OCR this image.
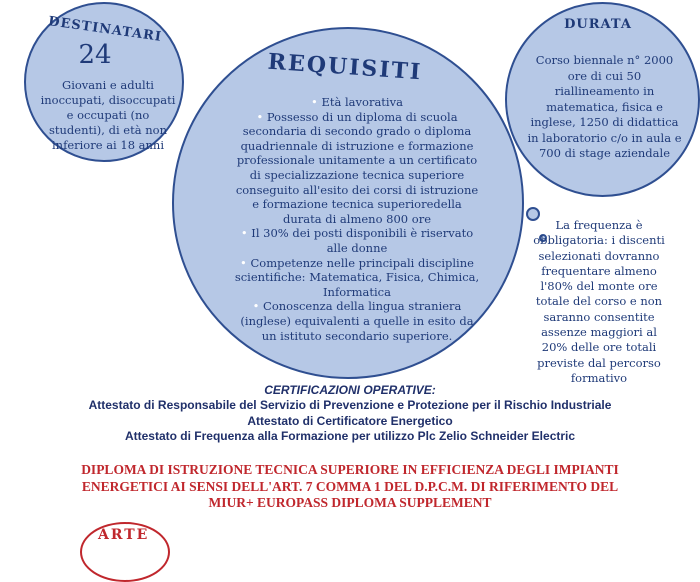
DESTINATARI
24
Giovani e adulti inoccupati, disoccupati e occupati (no studenti), di età non inferiore ai 18 anni
REQUISITI
• Età lavorativa
• Possesso di un diploma di scuola secondaria di secondo grado o diploma quadriennale di istruzione e formazione professionale unitamente a un certificato di specializzazione tecnica superiore conseguito all'esito dei corsi di istruzione e formazione tecnica superioredella durata di almeno 800 ore
• Il 30% dei posti disponibili è riservato alle donne
• Competenze nelle principali discipline scientifiche: Matematica, Fisica, Chimica, Informatica
• Conoscenza della lingua straniera (inglese) equivalenti a quelle in esito da un istituto secondario superiore.
DURATA
Corso biennale n° 2000 ore di cui 50 riallineamento in matematica, fisica e inglese, 1250 di didattica in laboratorio c/o in aula e 700 di stage aziendale
La frequenza è obbligatoria: i discenti selezionati dovranno frequentare almeno l'80% del monte ore totale del corso e non saranno consentite assenze maggiori al 20% delle ore totali previste dal percorso formativo
CERTIFICAZIONI OPERATIVE:
Attestato di Responsabile del Servizio di Prevenzione e Protezione per il Rischio Industriale
Attestato di Certificatore Energetico
Attestato di Frequenza alla Formazione per utilizzo Plc Zelio Schneider Electric
DIPLOMA DI ISTRUZIONE TECNICA SUPERIORE IN EFFICIENZA DEGLI IMPIANTI
ENERGETICI AI SENSI DELL'ART. 7 COMMA 1 DEL D.P.C.M. DI RIFERIMENTO DEL
MIUR+ EUROPASS DIPLOMA SUPPLEMENT
ARTE
